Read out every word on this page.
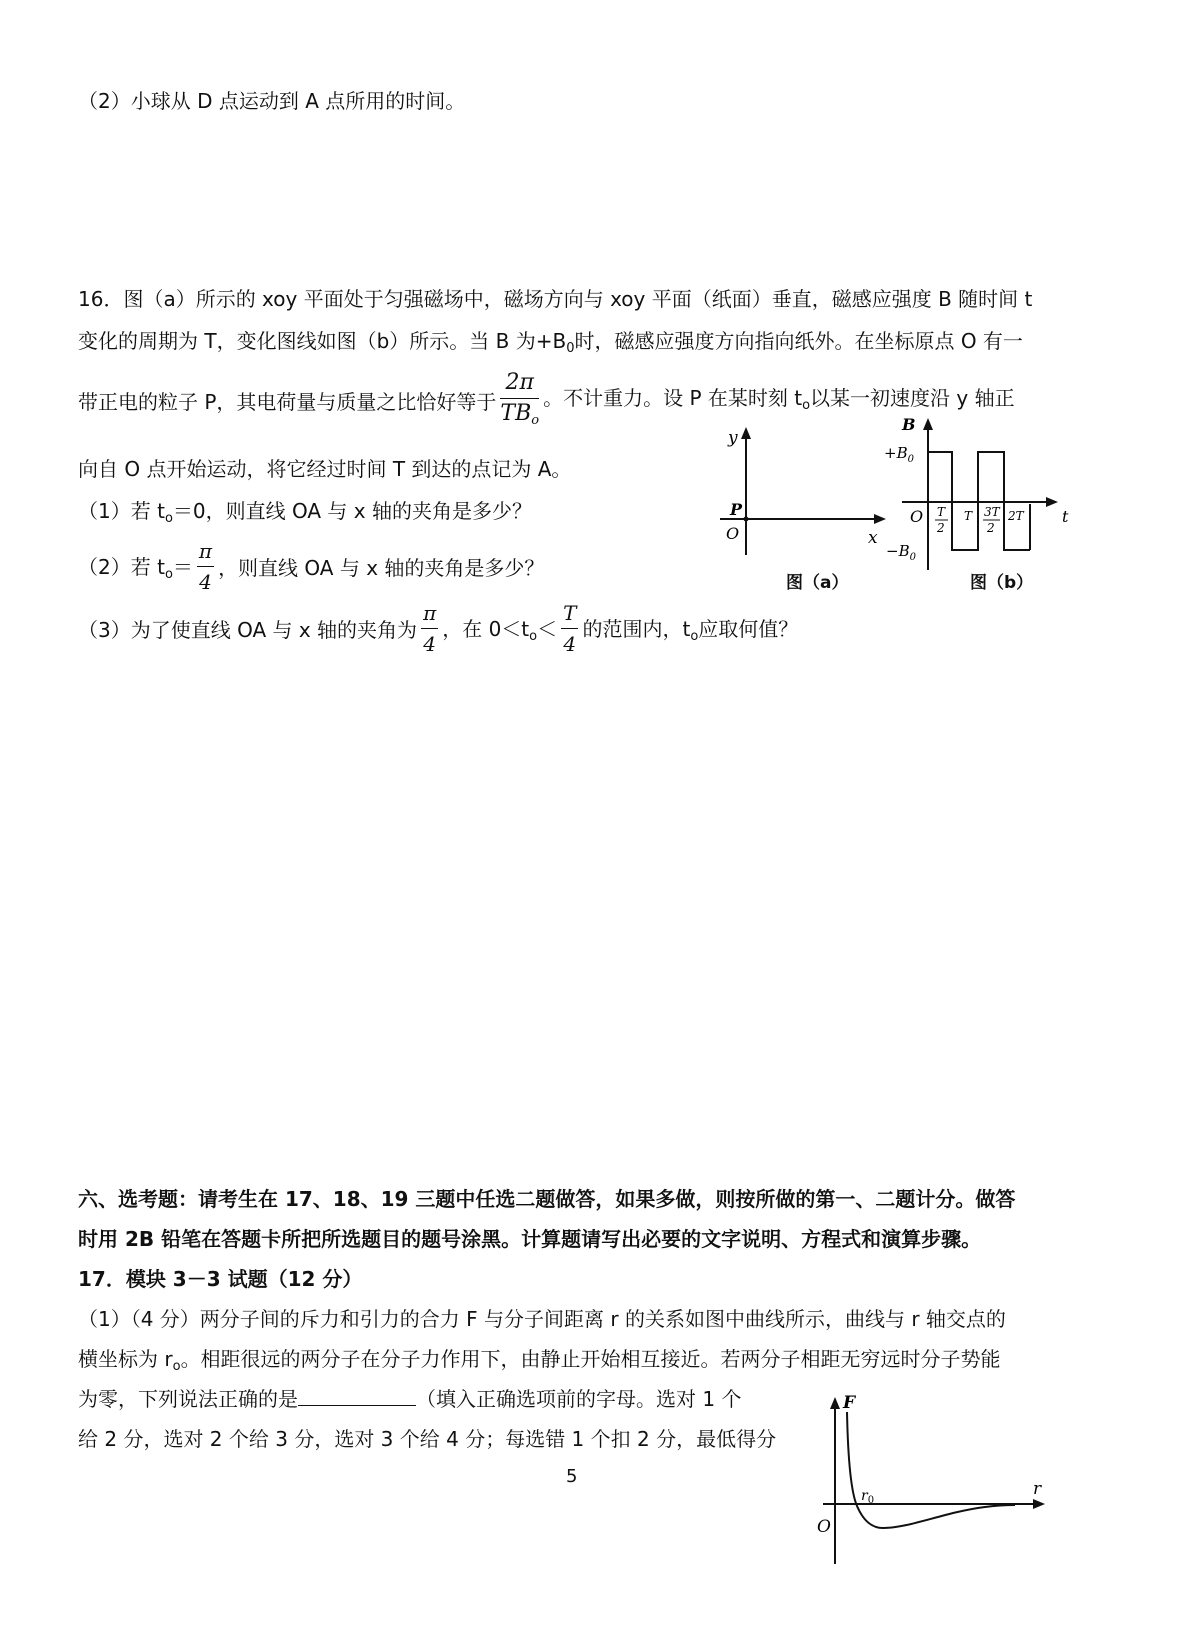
（2）小球从 D 点运动到 A 点所用的时间。
16．图（a）所示的 xoy 平面处于匀强磁场中，磁场方向与 xoy 平面（纸面）垂直，磁感应强度 B 随时间 t
变化的周期为 T，变化图线如图（b）所示。当 B 为$+B_0$时，磁感应强度方向指向纸外。在坐标原点 O 有一
带正电的粒子 P，其电荷量与质量之比恰好等于 $\frac{2\pi}{TB_o}$ 。不计重力。设 P 在某时刻 $t_o$以某一初速度沿 y 轴正
向自 O 点开始运动，将它经过时间 T 到达的点记为 A。
（1）若 $t_o=0$，则直线 OA 与 x 轴的夹角是多少？
（2）若 $t_o= \frac{\pi}{4}$ ，则直线 OA 与 x 轴的夹角是多少？
（3）为了使直线 OA 与 x 轴的夹角为 $\frac{\pi}{4}$ ，在 $0<t_o< \frac{T}{4}$ 的范围内，$t_o$应取何值？
y
x
P
O
图（a）
B
t
O
$+B_0$
$-B_0$
T
2
T 3T
2
2T
图（b）
六、选考题：请考生在 17、18、19 三题中任选二题做答，如果多做，则按所做的第一、二题计分。做答
时用 2B 铅笔在答题卡所把所选题目的题号涂黑。计算题请写出必要的文字说明、方程式和演算步骤。
17．模块 3－3 试题（12 分）
（1）（4 分）两分子间的斥力和引力的合力 F 与分子间距离 r 的关系如图中曲线所示，曲线与 r 轴交点的
横坐标为 $r_o$。相距很远的两分子在分子力作用下，由静止开始相互接近。若两分子相距无穷远时分子势能
为零，下列说法正确的是	（填入正确选项前的字母。选对 1 个
给 2 分，选对 2 个给 3 分，选对 3 个给 4 分；每选错 1 个扣 2 分，最低得分
F
r
O
$r_0$
5
